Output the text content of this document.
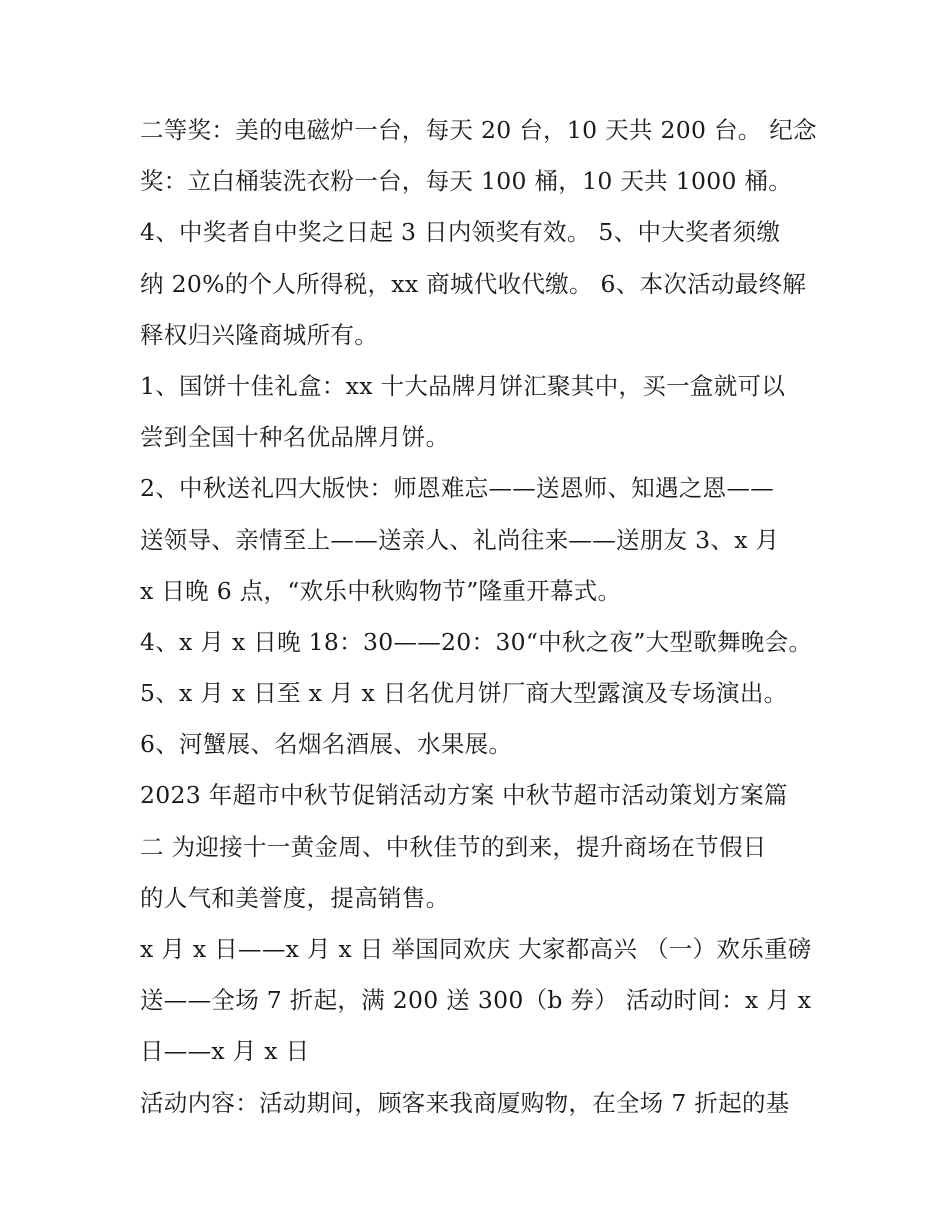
二等奖：美的电磁炉一台，每天 20 台，10 天共 200 台。 纪念
奖：立白桶装洗衣粉一台，每天 100 桶，10 天共 1000 桶。
4、中奖者自中奖之日起 3 日内领奖有效。 5、中大奖者须缴
纳 20%的个人所得税，xx 商城代收代缴。 6、本次活动最终解
释权归兴隆商城所有。
1、国饼十佳礼盒：xx 十大品牌月饼汇聚其中，买一盒就可以
尝到全国十种名优品牌月饼。
2、中秋送礼四大版快：师恩难忘——送恩师、知遇之恩——
送领导、亲情至上——送亲人、礼尚往来——送朋友 3、x 月
x 日晚 6 点，“欢乐中秋购物节”隆重开幕式。
4、x 月 x 日晚 18：30——20：30“中秋之夜”大型歌舞晚会。
5、x 月 x 日至 x 月 x 日名优月饼厂商大型露演及专场演出。
6、河蟹展、名烟名酒展、水果展。
2023 年超市中秋节促销活动方案 中秋节超市活动策划方案篇
二 为迎接十一黄金周、中秋佳节的到来，提升商场在节假日
的人气和美誉度，提高销售。
x 月 x 日——x 月 x 日 举国同欢庆 大家都高兴 （一）欢乐重磅
送——全场 7 折起，满 200 送 300（b 券） 活动时间：x 月 x
日——x 月 x 日
活动内容：活动期间，顾客来我商厦购物，在全场 7 折起的基
